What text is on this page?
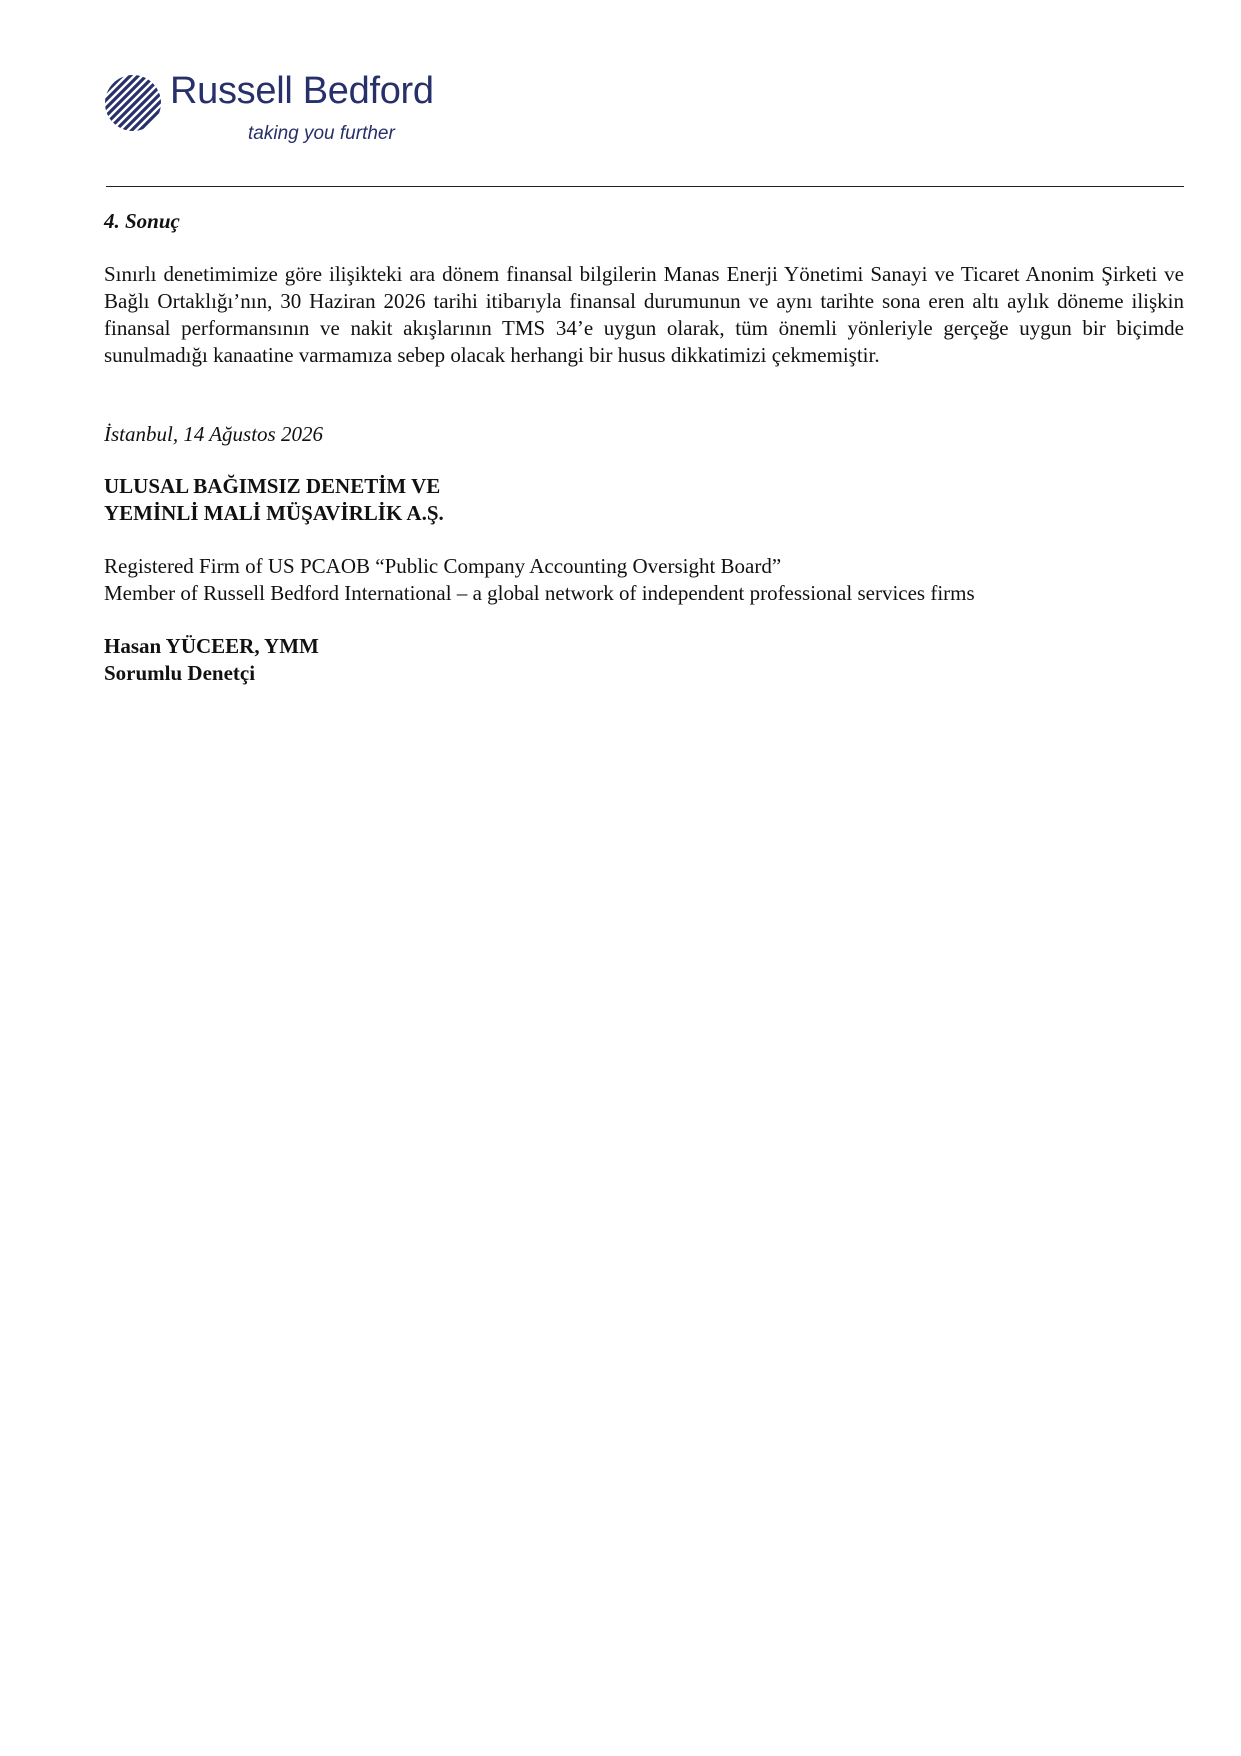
Russell Bedford
taking you further
4. Sonuç

Sınırlı denetimimize göre ilişikteki ara dönem finansal bilgilerin Manas Enerji Yönetimi Sanayi ve Ticaret Anonim Şirketi ve Bağlı Ortaklığı’nın, 30 Haziran 2026 tarihi itibarıyla finansal durumunun ve aynı tarihte sona eren altı aylık döneme ilişkin finansal performansının ve nakit akışlarının TMS 34’e uygun olarak, tüm önemli yönleriyle gerçeğe uygun bir biçimde sunulmadığı kanaatine varmamıza sebep olacak herhangi bir husus dikkatimizi çekmemiştir.

İstanbul, 14 Ağustos 2026
ULUSAL BAĞIMSIZ DENETİM VE
YEMİNLİ MALİ MÜŞAVİRLİK A.Ş.
Registered Firm of US PCAOB “Public Company Accounting Oversight Board”
Member of Russell Bedford International – a global network of independent professional services firms
Hasan YÜCEER, YMM
Sorumlu Denetçi
